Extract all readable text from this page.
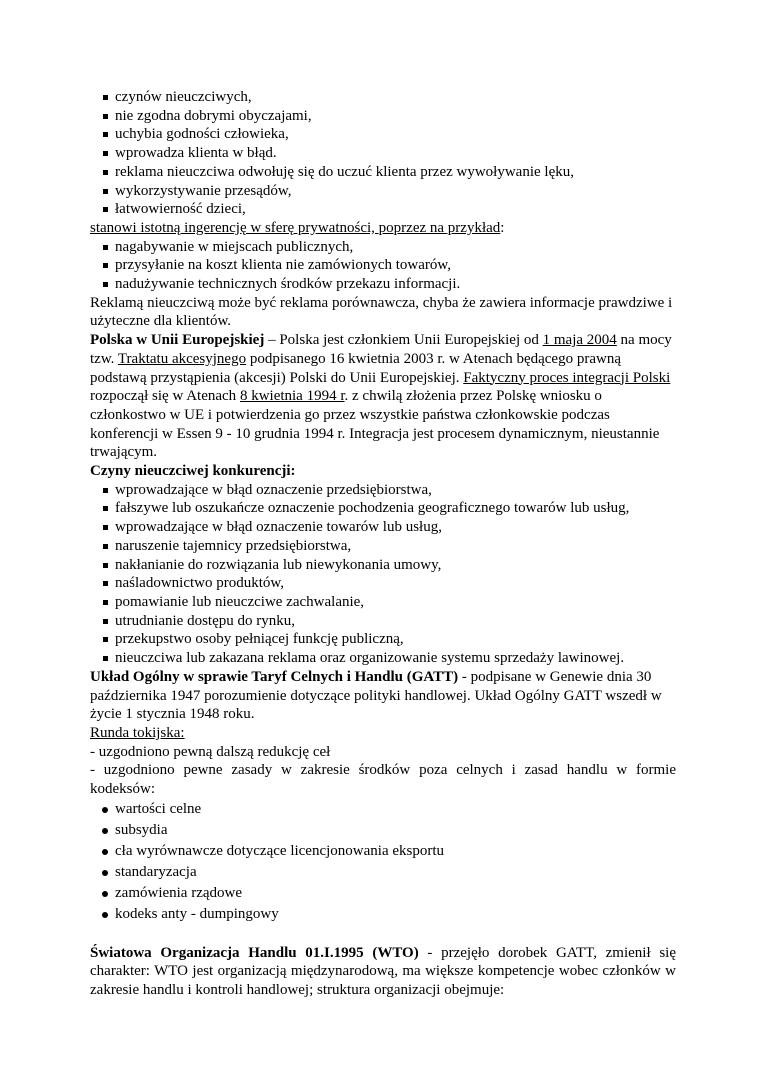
czynów nieuczciwych,
nie zgodna dobrymi obyczajami,
uchybia godności człowieka,
wprowadza klienta w błąd.
reklama nieuczciwa odwołuję się do uczuć klienta przez wywoływanie lęku,
wykorzystywanie przesądów,
łatwowierność dzieci,

stanowi istotną ingerencję w sferę prywatności, poprzez na przykład:

nagabywanie w miejscach publicznych,
przysyłanie na koszt klienta nie zamówionych towarów,
nadużywanie technicznych środków przekazu informacji.

Reklamą nieuczciwą może być reklama porównawcza, chyba że zawiera informacje prawdziwe i użyteczne dla klientów.

Polska w Unii Europejskiej – Polska jest członkiem Unii Europejskiej od 1 maja 2004 na mocy tzw. Traktatu akcesyjnego podpisanego 16 kwietnia 2003 r. w Atenach będącego prawną podstawą przystąpienia (akcesji) Polski do Unii Europejskiej. Faktyczny proces integracji Polski rozpoczął się w Atenach 8 kwietnia 1994 r. z chwilą złożenia przez Polskę wniosku o członkostwo w UE i potwierdzenia go przez wszystkie państwa członkowskie podczas konferencji w Essen 9 - 10 grudnia 1994 r. Integracja jest procesem dynamicznym, nieustannie trwającym.

Czyny nieuczciwej konkurencji:

wprowadzające w błąd oznaczenie przedsiębiorstwa,
fałszywe lub oszukańcze oznaczenie pochodzenia geograficznego towarów lub usług,
wprowadzające w błąd oznaczenie towarów lub usług,
naruszenie tajemnicy przedsiębiorstwa,
nakłanianie do rozwiązania lub niewykonania umowy,
naśladownictwo produktów,
pomawianie lub nieuczciwe zachwalanie,
utrudnianie dostępu do rynku,
przekupstwo osoby pełniącej funkcję publiczną,
nieuczciwa lub zakazana reklama oraz organizowanie systemu sprzedaży lawinowej.

Układ Ogólny w sprawie Taryf Celnych i Handlu (GATT) - podpisane w Genewie dnia 30 października 1947 porozumienie dotyczące polityki handlowej. Układ Ogólny GATT wszedł w życie 1 stycznia 1948 roku.

Runda tokijska:

- uzgodniono pewną dalszą redukcję ceł

- uzgodniono pewne zasady w zakresie środków poza celnych i zasad handlu w formie kodeksów:

wartości celne
subsydia
cła wyrównawcze dotyczące licencjonowania eksportu
standaryzacja
zamówienia rządowe
kodeks anty - dumpingowy

Światowa Organizacja Handlu 01.I.1995 (WTO) - przejęło dorobek GATT, zmienił się charakter: WTO jest organizacją międzynarodową, ma większe kompetencje wobec członków w zakresie handlu i kontroli handlowej; struktura organizacji obejmuje:
